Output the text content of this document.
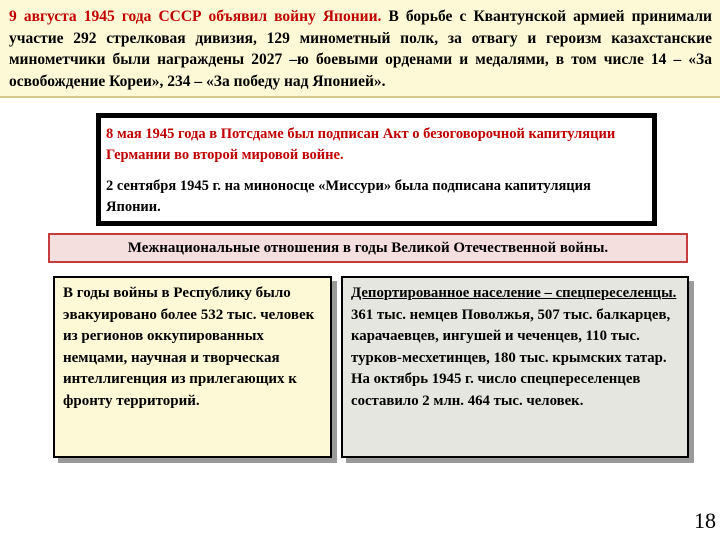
9 августа 1945 года СССР объявил войну Японии. В борьбе с Квантунской армией принимали участие 292 стрелковая дивизия, 129 минометный полк, за отвагу и героизм казахстанские минометчики были награждены 2027 –ю боевыми орденами и медалями, в том числе 14 – «За освобождение Кореи», 234 – «За победу над Японией».

8 мая 1945 года в Потсдаме был подписан Акт о безоговорочной капитуляции Германии во второй мировой войне.

2 сентября 1945 г. на миноносце «Миссури» была подписана капитуляция Японии.

Межнациональные отношения в годы Великой Отечественной войны.
В годы войны в Республику было эвакуировано более 532 тыс. человек из регионов оккупированных немцами, научная и творческая интеллигенция из прилегающих к фронту территорий.
Депортированное население – спецпереселенцы. 361 тыс. немцев Поволжья, 507 тыс. балкарцев, карачаевцев, ингушей и чеченцев, 110 тыс. турков-месхетинцев, 180 тыс. крымских татар. На октябрь 1945 г. число спецпереселенцев составило 2 млн. 464 тыс. человек.
18
